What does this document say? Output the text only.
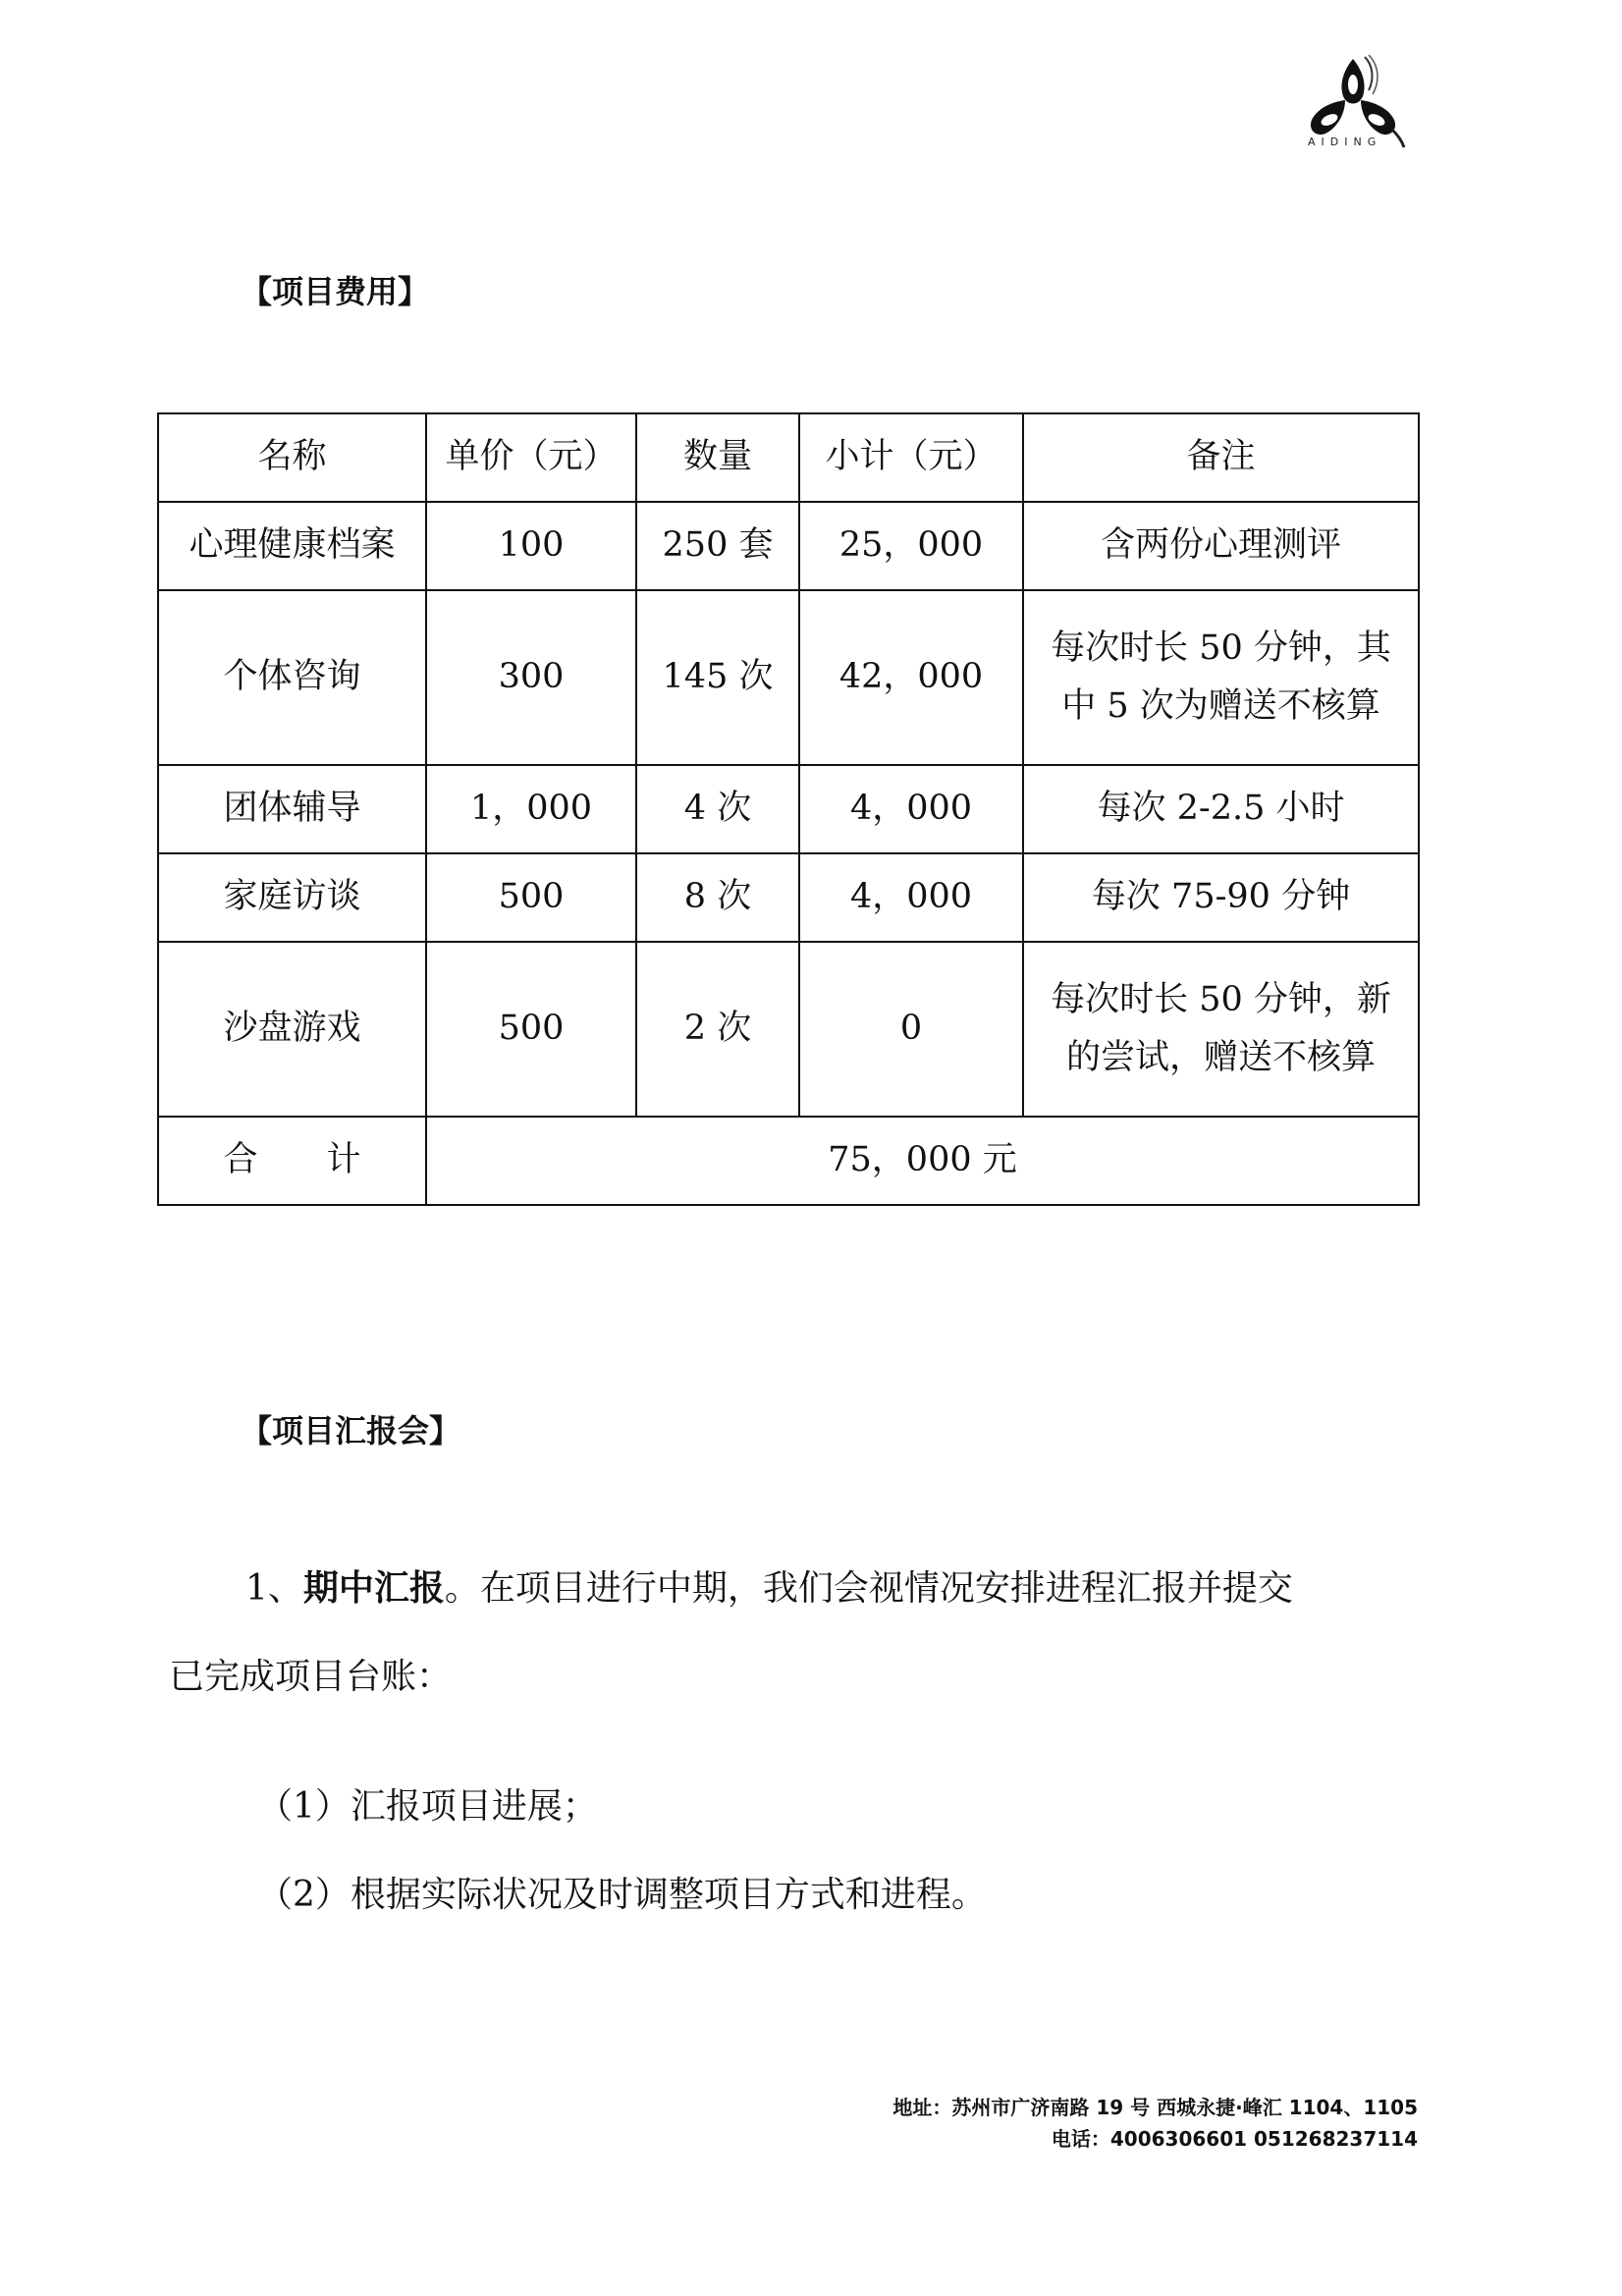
AIDING
【项目费用】
名称	单价（元）	数量	小计（元）	备注
心理健康档案	100	250 套	25，000	含两份心理测评

个体咨询	300	145 次	42，000	每次时长 50 分钟，其
中 5 次为赠送不核算

团体辅导	1，000	4 次	4，000	每次 2-2.5 小时

家庭访谈	500	8 次	4，000	每次 75-90 分钟

沙盘游戏	500	2 次	0	每次时长 50 分钟，新
的尝试，赠送不核算

合　　计	75，000 元			
【项目汇报会】
1、期中汇报。在项目进行中期，我们会视情况安排进程汇报并提交
已完成项目台账：
（1）汇报项目进展；
（2）根据实际状况及时调整项目方式和进程。
地址：苏州市广济南路 19 号 西城永捷·峰汇 1104、1105
电话：4006306601 051268237114
